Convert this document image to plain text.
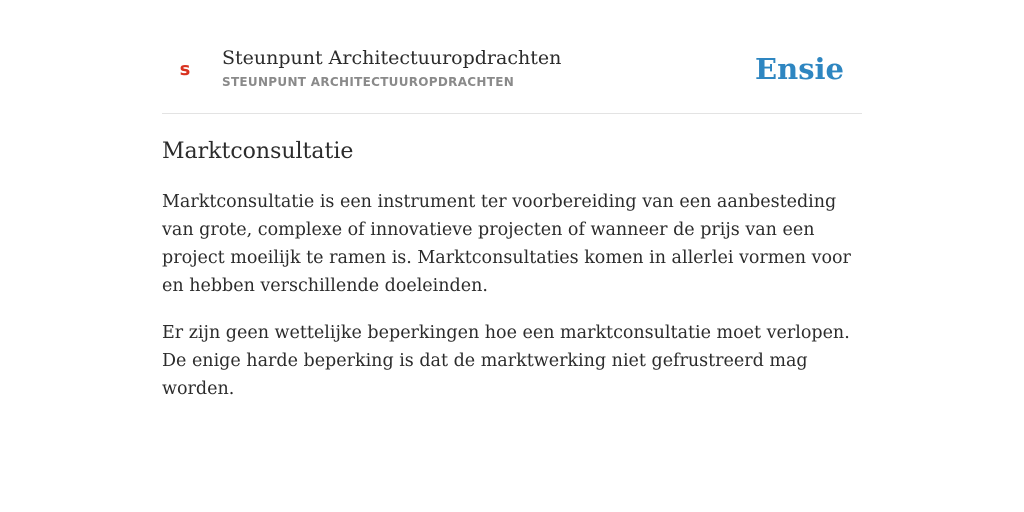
s
Steunpunt Architectuuropdrachten
STEUNPUNT ARCHITECTUUROPDRACHTEN	Ensie
Marktconsultatie

Marktconsultatie is een instrument ter voorbereiding van een aanbesteding van grote, complexe of innovatieve projecten of wanneer de prijs van een project moeilijk te ramen is. Marktconsultaties komen in allerlei vormen voor en hebben verschillende doeleinden.

Er zijn geen wettelijke beperkingen hoe een marktconsultatie moet verlopen. De enige harde beperking is dat de marktwerking niet gefrustreerd mag worden.
